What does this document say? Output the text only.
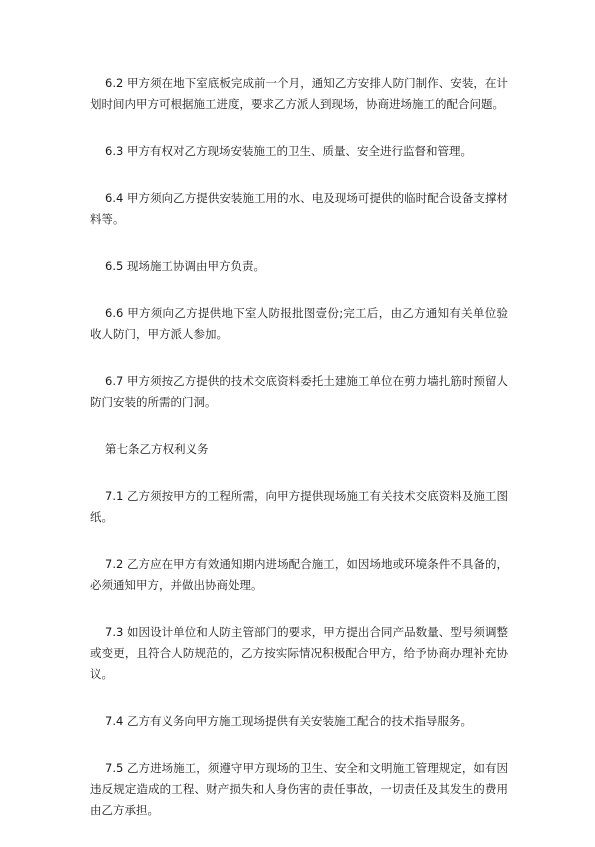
6.2 甲方须在地下室底板完成前一个月，通知乙方安排人防门制作、安装，在计划时间内甲方可根据施工进度，要求乙方派人到现场，协商进场施工的配合问题。

6.3 甲方有权对乙方现场安装施工的卫生、质量、安全进行监督和管理。

6.4 甲方须向乙方提供安装施工用的水、电及现场可提供的临时配合设备支撑材料等。

6.5 现场施工协调由甲方负责。

6.6 甲方须向乙方提供地下室人防报批图壹份;完工后，由乙方通知有关单位验收人防门，甲方派人参加。

6.7 甲方须按乙方提供的技术交底资料委托土建施工单位在剪力墙扎筋时预留人防门安装的所需的门洞。

第七条乙方权利义务

7.1 乙方须按甲方的工程所需，向甲方提供现场施工有关技术交底资料及施工图纸。

7.2 乙方应在甲方有效通知期内进场配合施工，如因场地或环境条件不具备的，必须通知甲方，并做出协商处理。

7.3 如因设计单位和人防主管部门的要求，甲方提出合同产品数量、型号须调整或变更，且符合人防规范的，乙方按实际情况积极配合甲方，给予协商办理补充协议。

7.4 乙方有义务向甲方施工现场提供有关安装施工配合的技术指导服务。

7.5 乙方进场施工，须遵守甲方现场的卫生、安全和文明施工管理规定，如有因违反规定造成的工程、财产损失和人身伤害的责任事故，一切责任及其发生的费用由乙方承担。
